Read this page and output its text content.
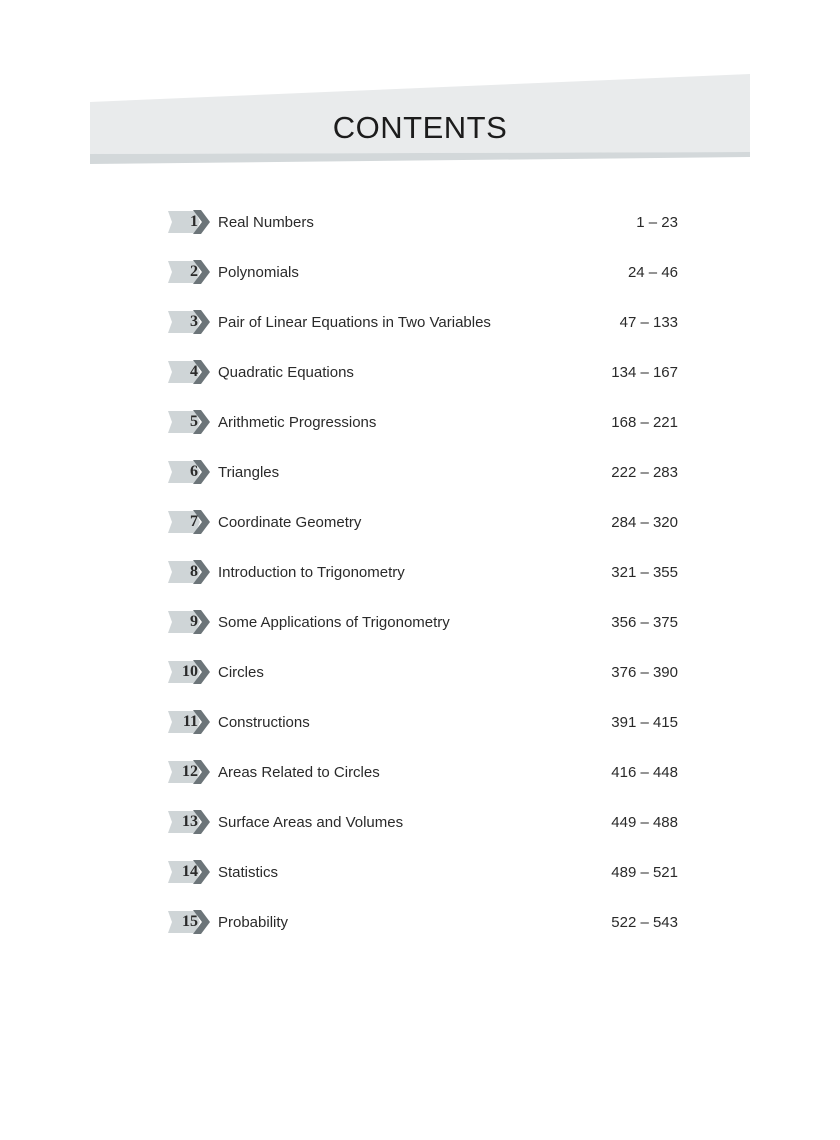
CONTENTS
1 Real Numbers	1 – 23
2 Polynomials	24 – 46
3 Pair of Linear Equations in Two Variables	47 – 133
4 Quadratic Equations	134 – 167
5 Arithmetic Progressions	168 – 221
6 Triangles	222 – 283
7 Coordinate Geometry	284 – 320
8 Introduction to Trigonometry	321 – 355
9 Some Applications of Trigonometry	356 – 375
10 Circles	376 – 390
11 Constructions	391 – 415
12 Areas Related to Circles	416 – 448
13 Surface Areas and Volumes	449 – 488
14 Statistics	489 – 521
15 Probability	522 – 543
